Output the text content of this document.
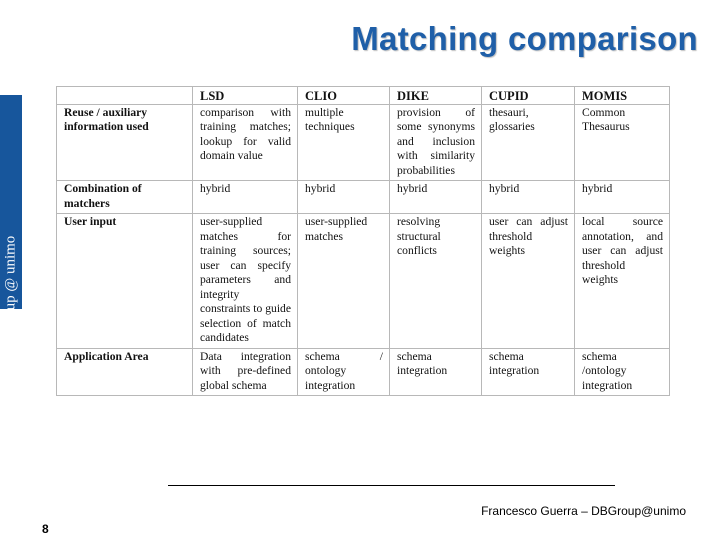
DB Group @ unimo
Matching comparison
	LSD	CLIO	DIKE	CUPID	MOMIS
Reuse / auxiliary information used	comparison with training matches; lookup for valid domain value	multiple techniques	provision of some synonyms and inclusion with similarity probabilities	thesauri, glossaries	Common Thesaurus
Combination of matchers	hybrid	hybrid	hybrid	hybrid	hybrid
User input	user-supplied matches for training sources; user can specify parameters and integrity constraints to guide selection of match candidates	user-supplied matches	resolving structural conflicts	user can adjust threshold weights	local source annotation, and user can adjust threshold weights
Application Area	Data integration with pre-defined global schema	schema / ontology integration	schema integration	schema integration	schema /ontology integration
Francesco Guerra – DBGroup@unimo
8
